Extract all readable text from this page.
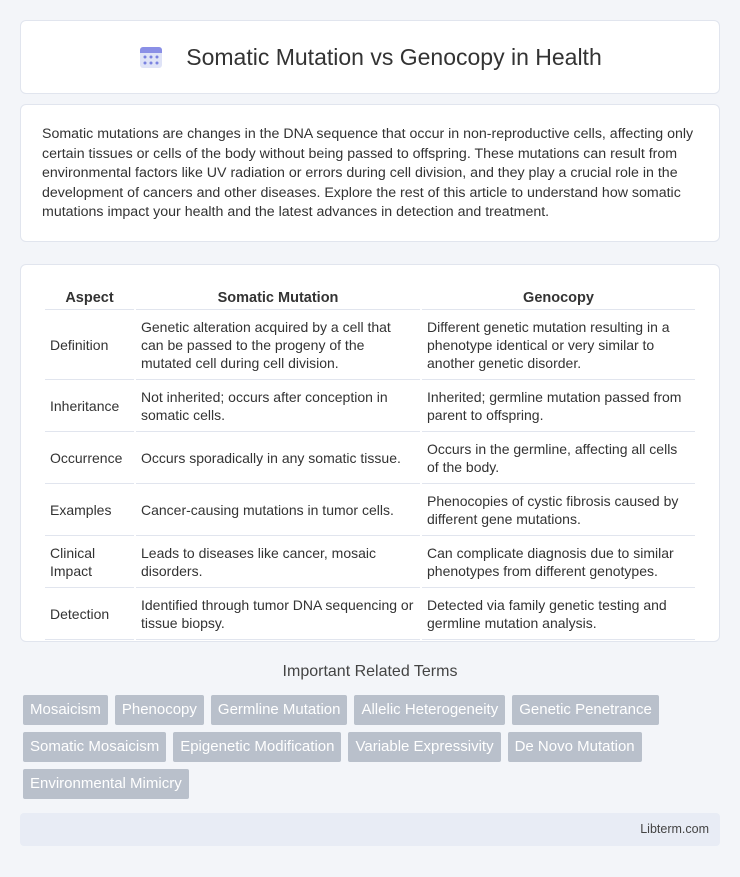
Somatic Mutation vs Genocopy in Health

Somatic mutations are changes in the DNA sequence that occur in non-reproductive cells, affecting only certain tissues or cells of the body without being passed to offspring. These mutations can result from environmental factors like UV radiation or errors during cell division, and they play a crucial role in the development of cancers and other diseases. Explore the rest of this article to understand how somatic mutations impact your health and the latest advances in detection and treatment.

Aspect	Somatic Mutation	Genocopy
Definition	Genetic alteration acquired by a cell that can be passed to the progeny of the mutated cell during cell division.	Different genetic mutation resulting in a phenotype identical or very similar to another genetic disorder.
Inheritance	Not inherited; occurs after conception in somatic cells.	Inherited; germline mutation passed from parent to offspring.
Occurrence	Occurs sporadically in any somatic tissue.	Occurs in the germline, affecting all cells of the body.
Examples	Cancer-causing mutations in tumor cells.	Phenocopies of cystic fibrosis caused by different gene mutations.
Clinical Impact	Leads to diseases like cancer, mosaic disorders.	Can complicate diagnosis due to similar phenotypes from different genotypes.
Detection	Identified through tumor DNA sequencing or tissue biopsy.	Detected via family genetic testing and germline mutation analysis.
Important Related Terms
Mosaicism	Phenocopy	Germline Mutation	Allelic Heterogeneity	Genetic Penetrance
Somatic Mosaicism	Epigenetic Modification	Variable Expressivity	De Novo Mutation
Environmental Mimicry
Libterm.com
